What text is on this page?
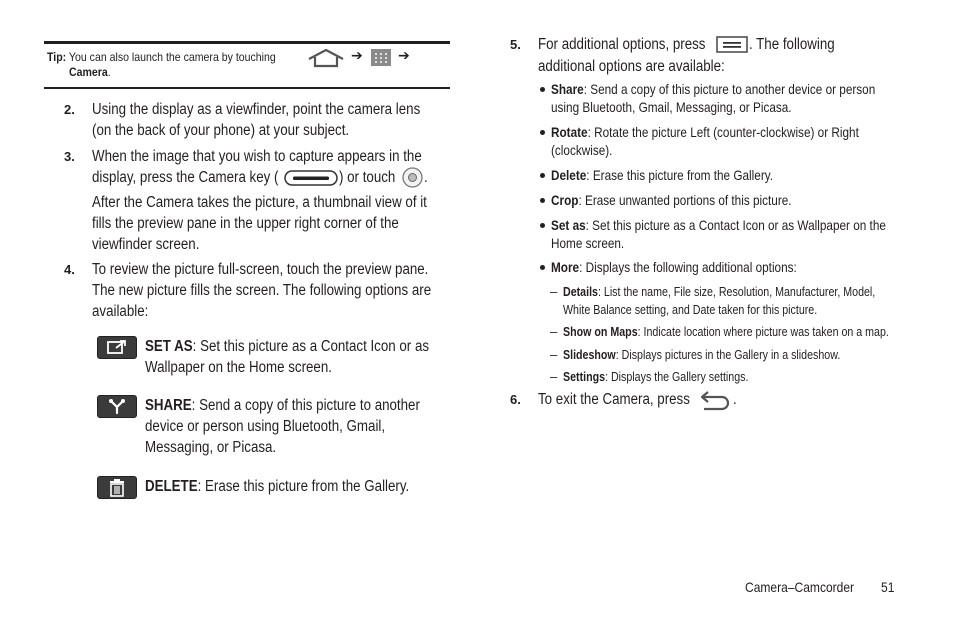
Tip: You can also launch the camera by touching	➔	➔
Camera.
2. Using the display as a viewfinder, point the camera lens
(on the back of your phone) at your subject.
3. When the image that you wish to capture appears in the
display, press the Camera key (	) or touch .
After the Camera takes the picture, a thumbnail view of it
fills the preview pane in the upper right corner of the
viewfinder screen.
4. To review the picture full-screen, touch the preview pane.
The new picture fills the screen. The following options are
available:
SET AS: Set this picture as a Contact Icon or as
Wallpaper on the Home screen.
SHARE: Send a copy of this picture to another
device or person using Bluetooth, Gmail,
Messaging, or Picasa.
DELETE: Erase this picture from the Gallery.
5. For additional options, press	. The following
additional options are available:
Share: Send a copy of this picture to another device or person
using Bluetooth, Gmail, Messaging, or Picasa.
Rotate: Rotate the picture Left (counter-clockwise) or Right
(clockwise).
Delete: Erase this picture from the Gallery.
Crop: Erase unwanted portions of this picture.
Set as: Set this picture as a Contact Icon or as Wallpaper on the
Home screen.
More: Displays the following additional options:
– Details: List the name, File size, Resolution, Manufacturer, Model,
White Balance setting, and Date taken for this picture.
– Show on Maps: Indicate location where picture was taken on a map.
– Slideshow: Displays pictures in the Gallery in a slideshow.
– Settings: Displays the Gallery settings.
6. To exit the Camera, press	.
Camera–Camcorder 51
